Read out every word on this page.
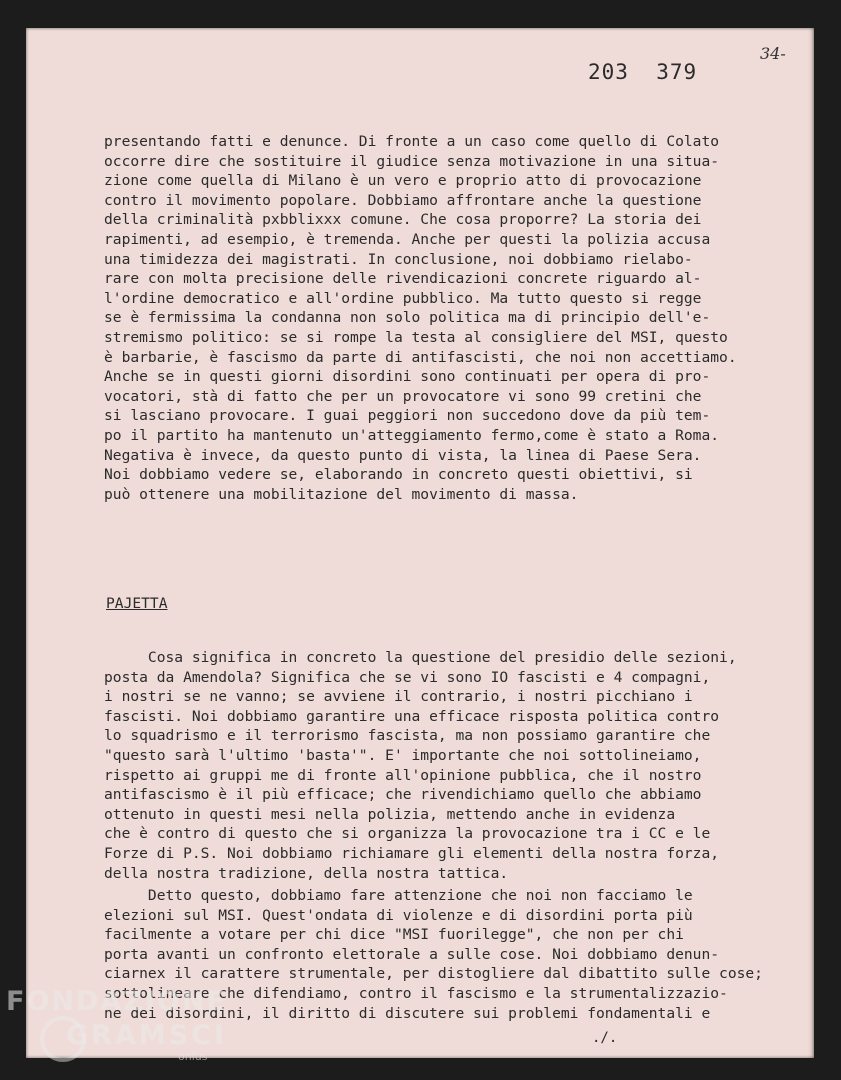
203  379
34-

presentando fatti e denunce. Di fronte a un caso come quello di Colato
occorre dire che sostituire il giudice senza motivazione in una situa-
zione come quella di Milano è un vero e proprio atto di provocazione
contro il movimento popolare. Dobbiamo affrontare anche la questione
della criminalità pxbblixxx comune. Che cosa proporre? La storia dei
rapimenti, ad esempio, è tremenda. Anche per questi la polizia accusa
una timidezza dei magistrati. In conclusione, noi dobbiamo rielabo-
rare con molta precisione delle rivendicazioni concrete riguardo al-
l'ordine democratico e all'ordine pubblico. Ma tutto questo si regge
se è fermissima la condanna non solo politica ma di principio dell'e-
stremismo politico: se si rompe la testa al consigliere del MSI, questo
è barbarie, è fascismo da parte di antifascisti, che noi non accettiamo.
Anche se in questi giorni disordini sono continuati per opera di pro-
vocatori, stà di fatto che per un provocatore vi sono 99 cretini che
si lasciano provocare. I guai peggiori non succedono dove da più tem-
po il partito ha mantenuto un'atteggiamento fermo,come è stato a Roma.
Negativa è invece, da questo punto di vista, la linea di Paese Sera.
Noi dobbiamo vedere se, elaborando in concreto questi obiettivi, si
può ottenere una mobilitazione del movimento di massa.

PAJETTA

Cosa significa in concreto la questione del presidio delle sezioni,
posta da Amendola? Significa che se vi sono IO fascisti e 4 compagni,
i nostri se ne vanno; se avviene il contrario, i nostri picchiano i
fascisti. Noi dobbiamo garantire una efficace risposta politica contro
lo squadrismo e il terrorismo fascista, ma non possiamo garantire che
"questo sarà l'ultimo 'basta'". E' importante che noi sottolineiamo,
rispetto ai gruppi me di fronte all'opinione pubblica, che il nostro
antifascismo è il più efficace; che rivendichiamo quello che abbiamo
ottenuto in questi mesi nella polizia, mettendo anche in evidenza
che è contro di questo che si organizza la provocazione tra i CC e le
Forze di P.S. Noi dobbiamo richiamare gli elementi della nostra forza,
della nostra tradizione, della nostra tattica.

Detto questo, dobbiamo fare attenzione che noi non facciamo le
elezioni sul MSI. Quest'ondata di violenze e di disordini porta più
facilmente a votare per chi dice "MSI fuorilegge", che non per chi
porta avanti un confronto elettorale a sulle cose. Noi dobbiamo denun-
ciarnex il carattere strumentale, per distogliere dal dibattito sulle cose;
sottolineare che difendiamo, contro il fascismo e la strumentalizzazio-
ne dei disordini, il diritto di discutere sui problemi fondamentali e

./.
FONDAZIONE
GRAMSCI
onlus
